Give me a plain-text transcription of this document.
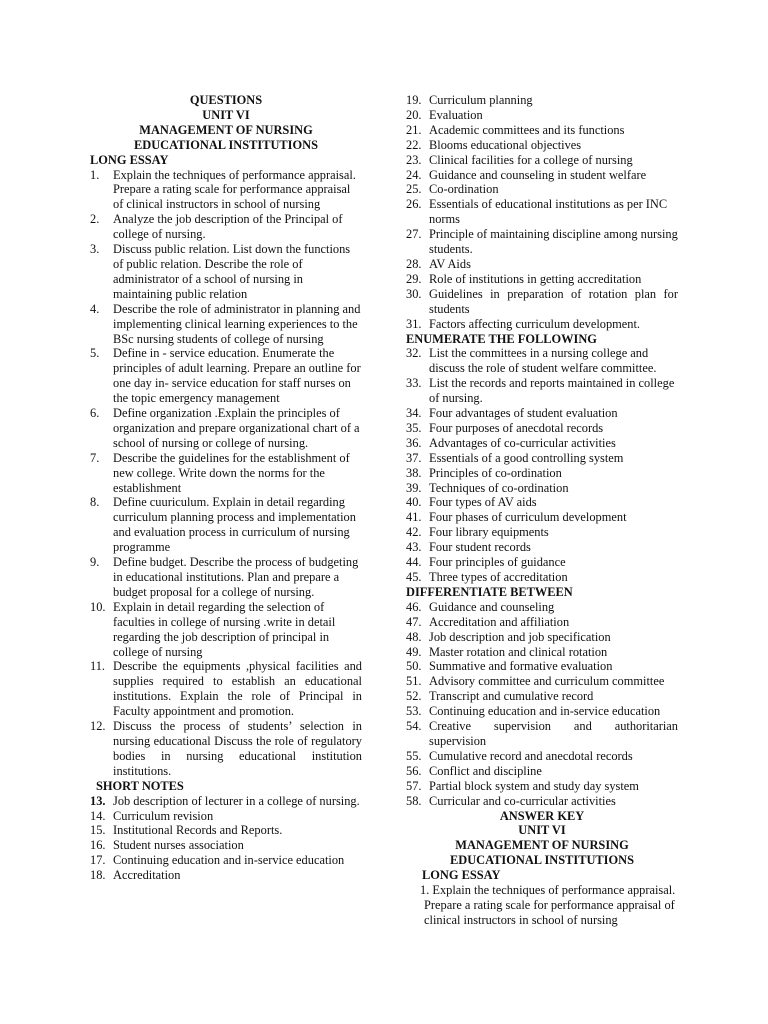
QUESTIONS
UNIT VI
MANAGEMENT OF NURSING
EDUCATIONAL INSTITUTIONS
LONG ESSAY
1.	Explain the techniques of performance appraisal. Prepare a rating scale for performance appraisal of clinical instructors in school of nursing
2.	Analyze the job description of the Principal of college of nursing.
3.	Discuss public relation. List down the functions of public relation. Describe the role of administrator of a school of nursing in maintaining public relation
4.	Describe the role of administrator in planning and implementing clinical learning experiences to the BSc nursing students of college of nursing
5.	Define in - service education. Enumerate the principles of adult learning. Prepare an outline for one day in- service education for staff nurses on the topic emergency management
6.	Define organization .Explain the principles of organization and prepare organizational chart of a school of nursing or college of nursing.
7.	Describe the guidelines for the establishment of new college. Write down the norms for the establishment
8.	Define cuuriculum. Explain in detail regarding curriculum planning process and implementation and evaluation process in curriculum of nursing programme
9.	Define budget. Describe the process of budgeting in educational institutions. Plan and prepare a budget proposal for a college of nursing.
10. Explain in detail regarding the selection of faculties in college of nursing .write in detail regarding the job description of principal in college of nursing
11. Describe the equipments ,physical facilities and supplies required to establish an educational institutions. Explain the role of Principal in Faculty appointment and promotion.
12. Discuss the process of students’ selection in nursing educational Discuss the role of regulatory bodies in nursing educational institution institutions.
SHORT NOTES
13. Job description of lecturer in a college of nursing.
14. Curriculum revision
15. Institutional Records and Reports.
16. Student nurses association
17. Continuing education and in-service education
18. Accreditation
19. Curriculum planning
20. Evaluation
21. Academic committees and its functions
22. Blooms educational objectives
23. Clinical facilities for a college of nursing
24. Guidance and counseling in student welfare
25. Co-ordination
26. Essentials of educational institutions as per INC norms
27. Principle of maintaining discipline among nursing students.
28. AV Aids
29. Role of institutions in getting accreditation
30. Guidelines in preparation of rotation plan for students
31. Factors affecting curriculum development.
ENUMERATE THE FOLLOWING
32. List the committees in a nursing college and discuss the role of student welfare committee.
33. List the records and reports maintained in college of nursing.
34. Four advantages of student evaluation
35. Four purposes of anecdotal records
36. Advantages of co-curricular activities
37. Essentials of a good controlling system
38. Principles of co-ordination
39. Techniques of co-ordination
40. Four types of AV aids
41. Four phases of curriculum development
42. Four library equipments
43. Four student records
44. Four principles of guidance
45. Three types of accreditation
DIFFERENTIATE BETWEEN
46. Guidance and counseling
47. Accreditation and affiliation
48. Job description and job specification
49. Master rotation and clinical rotation
50. Summative and formative evaluation
51. Advisory committee and curriculum committee
52. Transcript and cumulative record
53. Continuing education and in-service education
54. Creative supervision and authoritarian supervision
55. Cumulative record and anecdotal records
56. Conflict and discipline
57. Partial block system and study day system
58. Curricular and co-curricular activities
ANSWER KEY
UNIT VI
MANAGEMENT OF NURSING
EDUCATIONAL INSTITUTIONS
LONG ESSAY
1. Explain the techniques of performance appraisal.
Prepare a rating scale for performance appraisal of clinical instructors in school of nursing
